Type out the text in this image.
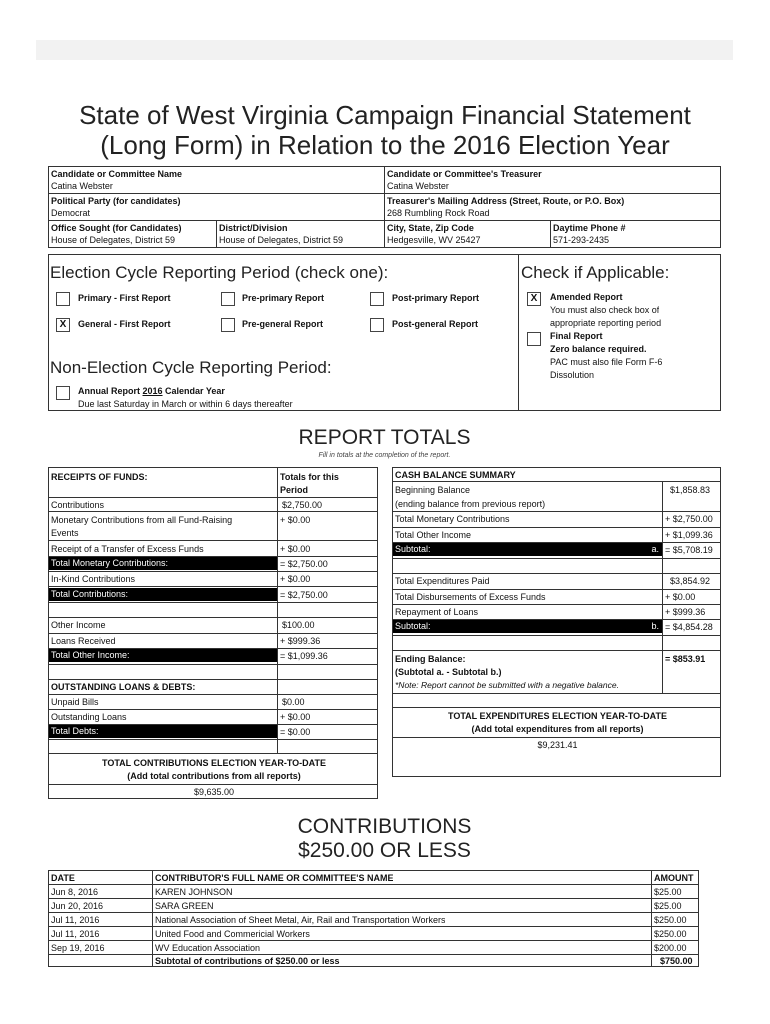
State of West Virginia Campaign Financial Statement
(Long Form) in Relation to the 2016 Election Year
Candidate or Committee Name
Catina Webster
Candidate or Committee's Treasurer
Catina Webster
Political Party (for candidates)
Democrat
Treasurer's Mailing Address (Street, Route, or P.O. Box)
268 Rumbling Rock Road
Office Sought (for Candidates)
House of Delegates, District 59
District/Division
House of Delegates, District 59
City, State, Zip Code
Hedgesville, WV 25427
Daytime Phone #
571-293-2435
Election Cycle Reporting Period (check one):
Primary - First Report	Pre-primary Report	Post-primary Report
X	General - First Report	Pre-general Report	Post-general Report
Non-Election Cycle Reporting Period:
Annual Report 2016 Calendar Year
Due last Saturday in March or within 6 days thereafter
Check if Applicable:
X	Amended Report
You must also check box of
appropriate reporting period
Final Report
Zero balance required.
PAC must also file Form F-6
Dissolution
REPORT TOTALS
Fill in totals at the completion of the report.
RECEIPTS OF FUNDS:	Totals for this
Period
Contributions	$2,750.00
Monetary Contributions from all Fund-Raising
Events
+ $0.00
Receipt of a Transfer of Excess Funds	+ $0.00
Total Monetary Contributions:	= $2,750.00
In-Kind Contributions	+ $0.00
Total Contributions:	= $2,750.00
Other Income	$100.00
Loans Received	+ $999.36
Total Other Income:	= $1,099.36
OUTSTANDING LOANS & DEBTS:
Unpaid Bills	$0.00
Outstanding Loans	+ $0.00
Total Debts:	= $0.00
TOTAL CONTRIBUTIONS ELECTION YEAR-TO-DATE
(Add total contributions from all reports)
$9,635.00
CASH BALANCE SUMMARY
Beginning Balance
(ending balance from previous report)
$1,858.83
Total Monetary Contributions	+ $2,750.00
Total Other Income	+ $1,099.36
Subtotal:	a. = $5,708.19
Total Expenditures Paid	$3,854.92
Total Disbursements of Excess Funds	+ $0.00
Repayment of Loans	+ $999.36
Subtotal:	b. = $4,854.28
Ending Balance:
(Subtotal a. - Subtotal b.)
*Note: Report cannot be submitted with a negative balance.
= $853.91
TOTAL EXPENDITURES ELECTION YEAR-TO-DATE
(Add total expenditures from all reports)
$9,231.41
CONTRIBUTIONS
$250.00 OR LESS
DATE	CONTRIBUTOR'S FULL NAME OR COMMITTEE'S NAME	AMOUNT
Jun 8, 2016	KAREN JOHNSON	$25.00
Jun 20, 2016	SARA GREEN	$25.00
Jul 11, 2016	National Association of Sheet Metal, Air, Rail and Transportation Workers	$250.00
Jul 11, 2016	United Food and Commericial Workers	$250.00
Sep 19, 2016	WV Education Association	$200.00
Subtotal of contributions of $250.00 or less	$750.00
